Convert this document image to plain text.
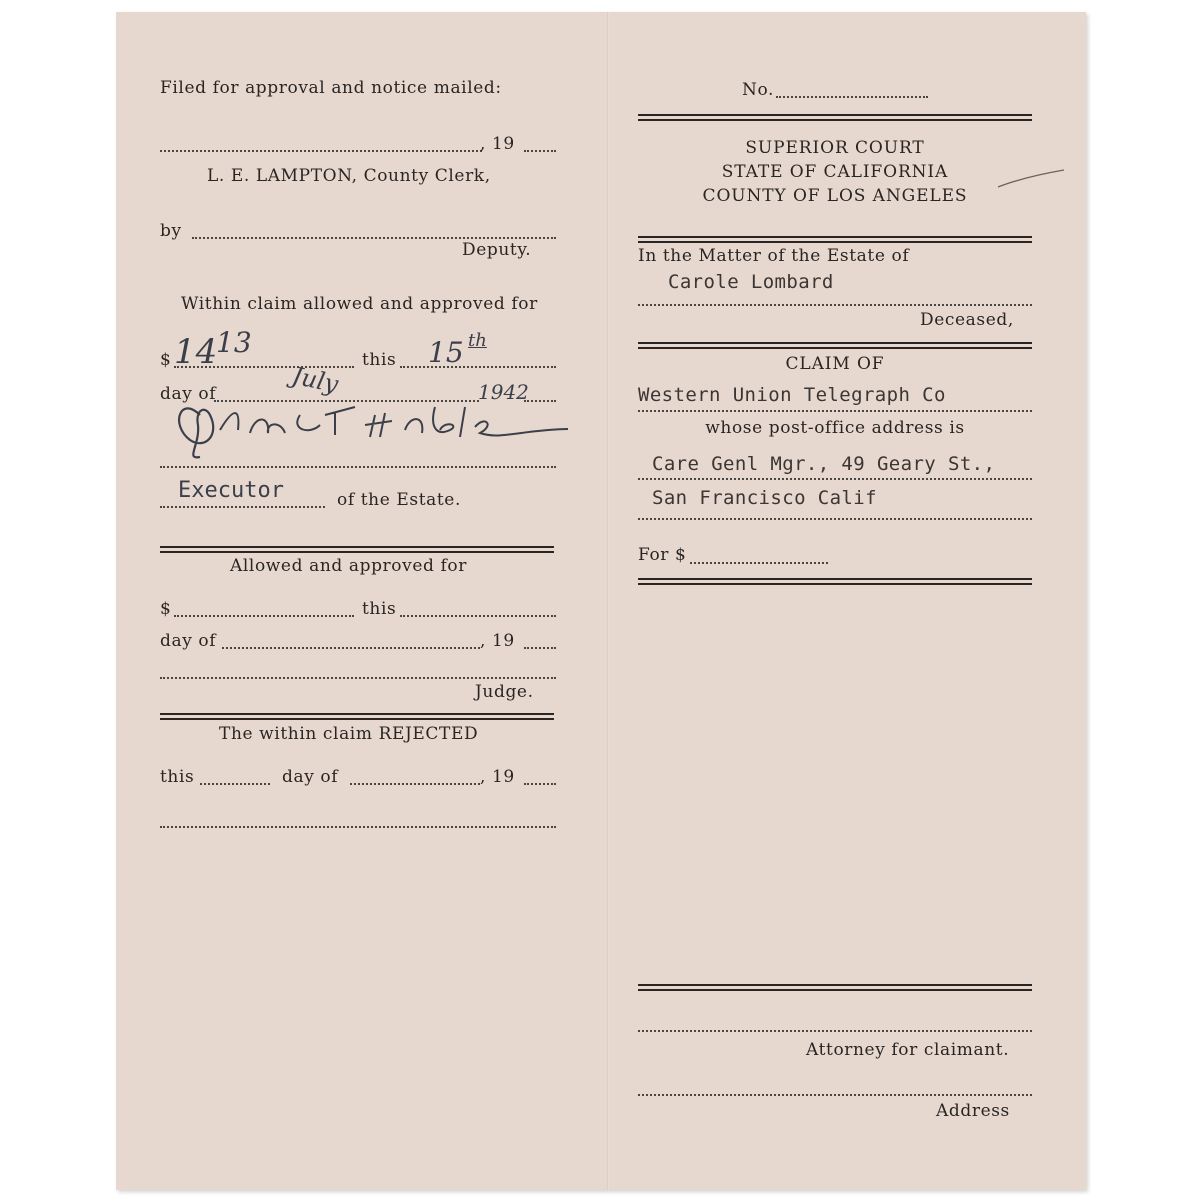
Filed for approval and notice mailed:
, 19
L. E. LAMPTON, County Clerk,
by
Deputy.
Within claim allowed and approved for
$ 14
13
this 15 th
day of	July	1942
Executor	of the Estate.
Allowed and approved for
$	this
day of	, 19
Judge.
The within claim REJECTED
this	day of	, 19
No.
SUPERIOR COURT
STATE OF CALIFORNIA
COUNTY OF LOS ANGELES
In the Matter of the Estate of
Carole Lombard
Deceased,
CLAIM OF
Western Union Telegraph Co
whose post-office address is
Care Genl Mgr., 49 Geary St.,
San Francisco Calif
For $
Attorney for claimant.
Address
